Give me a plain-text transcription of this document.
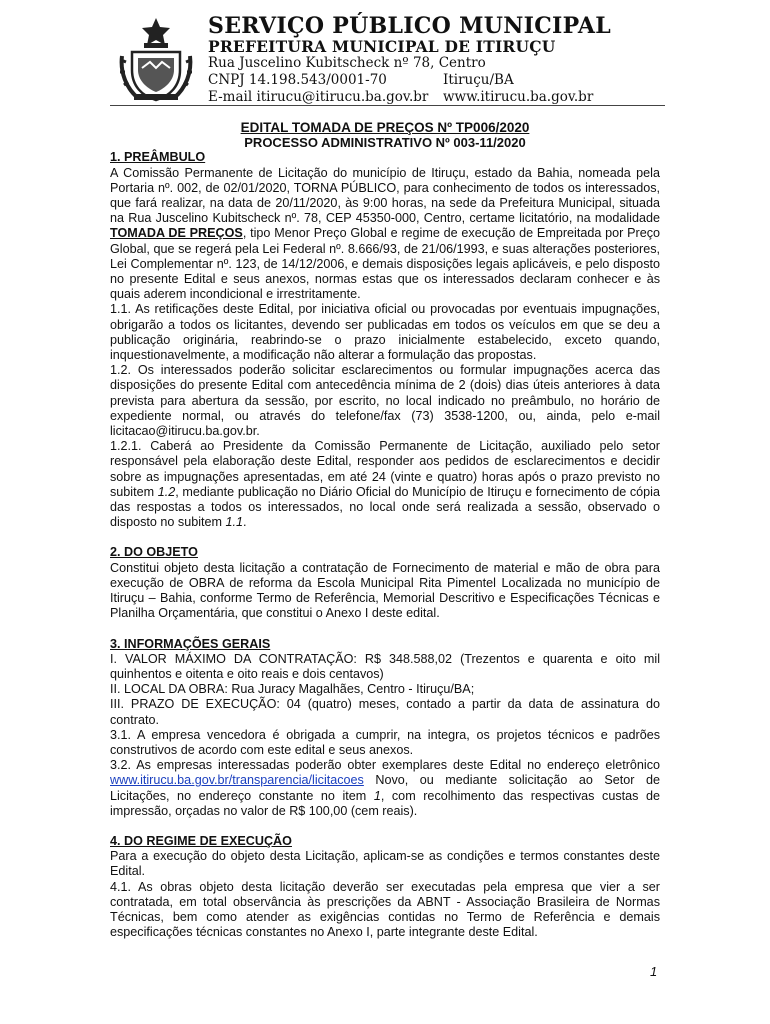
SERVIÇO PÚBLICO MUNICIPAL
PREFEITURA MUNICIPAL DE ITIRUÇU
Rua Juscelino Kubitscheck nº 78, Centro
CNPJ 14.198.543/0001-70	Itiruçu/BA
E-mail itirucu@itirucu.ba.gov.br www.itirucu.ba.gov.br
EDITAL TOMADA DE PREÇOS Nº TP006/2020
PROCESSO ADMINISTRATIVO Nº 003-11/2020
1. PREÂMBULO

A Comissão Permanente de Licitação do município de Itiruçu, estado da Bahia, nomeada pela Portaria nº. 002, de 02/01/2020, TORNA PÚBLICO, para conhecimento de todos os interessados, que fará realizar, na data de 20/11/2020, às 9:00 horas, na sede da Prefeitura Municipal, situada na Rua Juscelino Kubitscheck nº. 78, CEP 45350-000, Centro, certame licitatório, na modalidade TOMADA DE PREÇOS, tipo Menor Preço Global e regime de execução de Empreitada por Preço Global, que se regerá pela Lei Federal nº. 8.666/93, de 21/06/1993, e suas alterações posteriores, Lei Complementar nº. 123, de 14/12/2006, e demais disposições legais aplicáveis, e pelo disposto no presente Edital e seus anexos, normas estas que os interessados declaram conhecer e às quais aderem incondicional e irrestritamente.

1.1. As retificações deste Edital, por iniciativa oficial ou provocadas por eventuais impugnações, obrigarão a todos os licitantes, devendo ser publicadas em todos os veículos em que se deu a publicação originária, reabrindo-se o prazo inicialmente estabelecido, exceto quando, inquestionavelmente, a modificação não alterar a formulação das propostas.

1.2. Os interessados poderão solicitar esclarecimentos ou formular impugnações acerca das disposições do presente Edital com antecedência mínima de 2 (dois) dias úteis anteriores à data prevista para abertura da sessão, por escrito, no local indicado no preâmbulo, no horário de expediente normal, ou através do telefone/fax (73) 3538-1200, ou, ainda, pelo e-mail licitacao@itirucu.ba.gov.br.

1.2.1. Caberá ao Presidente da Comissão Permanente de Licitação, auxiliado pelo setor responsável pela elaboração deste Edital, responder aos pedidos de esclarecimentos e decidir sobre as impugnações apresentadas, em até 24 (vinte e quatro) horas após o prazo previsto no subitem 1.2, mediante publicação no Diário Oficial do Município de Itiruçu e fornecimento de cópia das respostas a todos os interessados, no local onde será realizada a sessão, observado o disposto no subitem 1.1.

2. DO OBJETO

Constitui objeto desta licitação a contratação de Fornecimento de material e mão de obra para execução de OBRA de reforma da Escola Municipal Rita Pimentel Localizada no município de Itiruçu – Bahia, conforme Termo de Referência, Memorial Descritivo e Especificações Técnicas e Planilha Orçamentária, que constitui o Anexo I deste edital.

3. INFORMAÇÕES GERAIS

I. VALOR MÁXIMO DA CONTRATAÇÃO: R$ 348.588,02 (Trezentos e quarenta e oito mil quinhentos e oitenta e oito reais e dois centavos)

II. LOCAL DA OBRA: Rua Juracy Magalhães, Centro - Itiruçu/BA;

III. PRAZO DE EXECUÇÃO: 04 (quatro) meses, contado a partir da data de assinatura do contrato.

3.1. A empresa vencedora é obrigada a cumprir, na integra, os projetos técnicos e padrões construtivos de acordo com este edital e seus anexos.

3.2. As empresas interessadas poderão obter exemplares deste Edital no endereço eletrônico www.itirucu.ba.gov.br/transparencia/licitacoes Novo, ou mediante solicitação ao Setor de Licitações, no endereço constante no item 1, com recolhimento das respectivas custas de impressão, orçadas no valor de R$ 100,00 (cem reais).

4. DO REGIME DE EXECUÇÃO

Para a execução do objeto desta Licitação, aplicam-se as condições e termos constantes deste Edital.

4.1. As obras objeto desta licitação deverão ser executadas pela empresa que vier a ser contratada, em total observância às prescrições da ABNT - Associação Brasileira de Normas Técnicas, bem como atender as exigências contidas no Termo de Referência e demais especificações técnicas constantes no Anexo I, parte integrante deste Edital.

1
